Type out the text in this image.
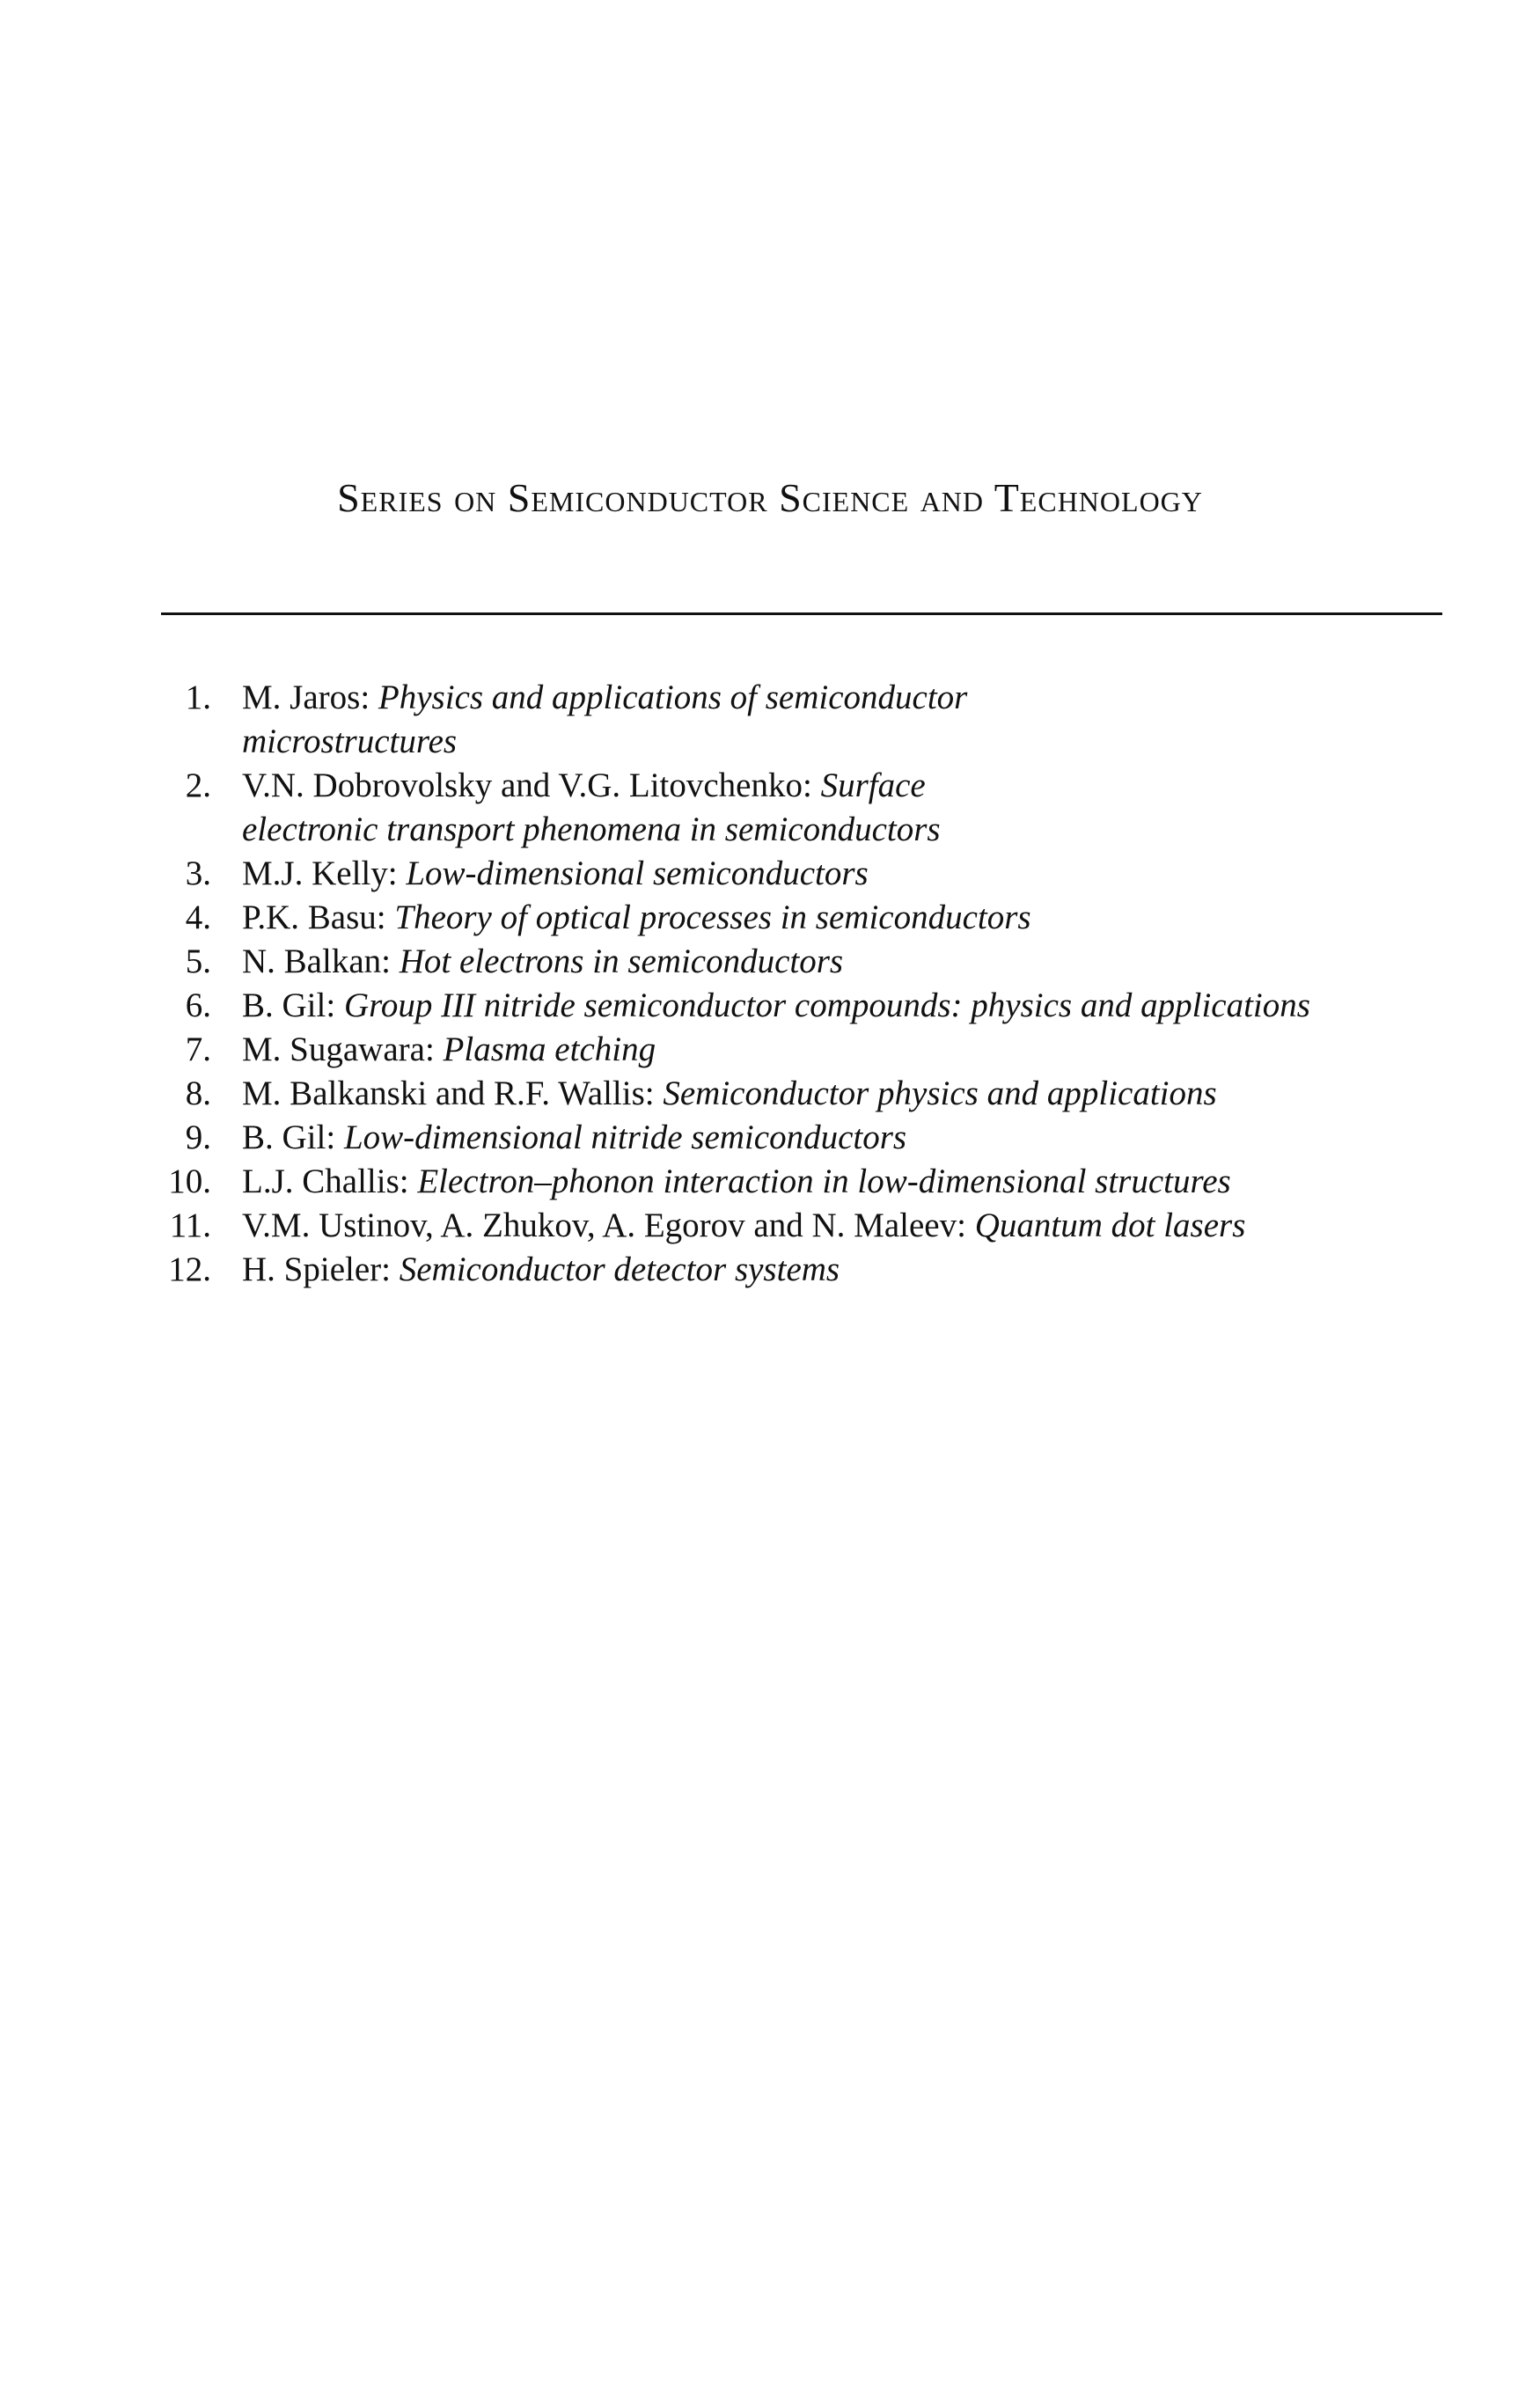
Series on Semiconductor Science and Technology
1. M. Jaros: Physics and applications of semiconductor microstructures
2. V.N. Dobrovolsky and V.G. Litovchenko: Surface electronic transport phenomena in semiconductors
3. M.J. Kelly: Low-dimensional semiconductors
4. P.K. Basu: Theory of optical processes in semiconductors
5. N. Balkan: Hot electrons in semiconductors
6. B. Gil: Group III nitride semiconductor compounds: physics and applications
7. M. Sugawara: Plasma etching
8. M. Balkanski and R.F. Wallis: Semiconductor physics and applications
9. B. Gil: Low-dimensional nitride semiconductors
10. L.J. Challis: Electron–phonon interaction in low-dimensional structures
11. V.M. Ustinov, A. Zhukov, A. Egorov and N. Maleev: Quantum dot lasers
12. H. Spieler: Semiconductor detector systems
